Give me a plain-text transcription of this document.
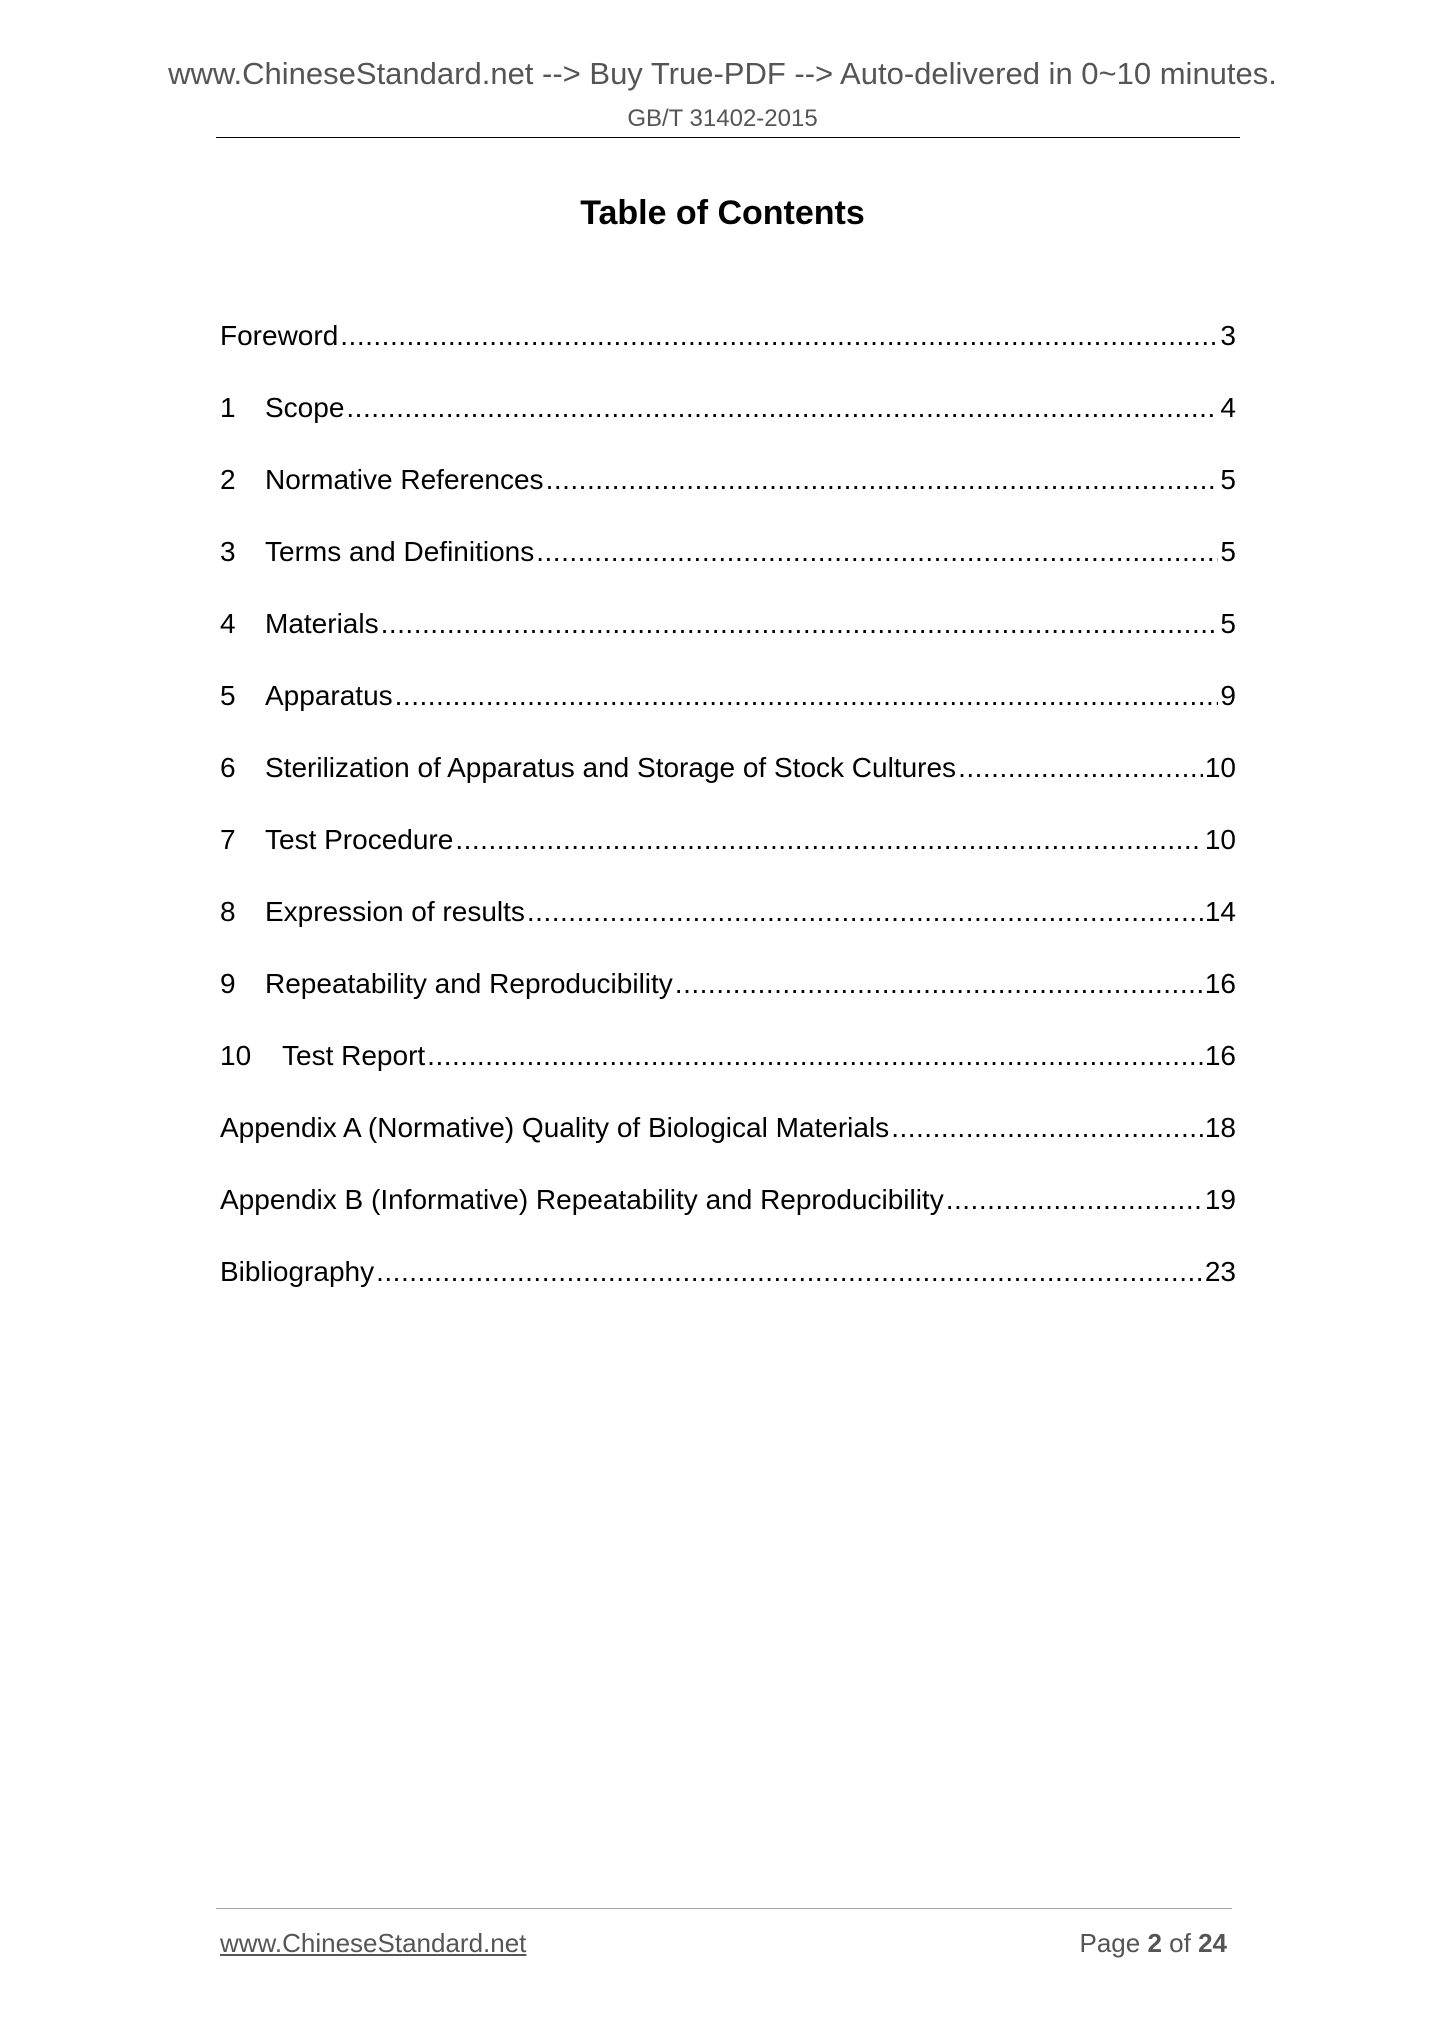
www.ChineseStandard.net --> Buy True-PDF --> Auto-delivered in 0~10 minutes.
GB/T 31402-2015
Table of Contents
Foreword .....	3
1	Scope .....	4
2	Normative References .....	5
3	Terms and Definitions .....	5
4	Materials .....	5
5	Apparatus .....	9
6	Sterilization of Apparatus and Storage of Stock Cultures .....	10
7	Test Procedure .....	10
8	Expression of results .....	14
9	Repeatability and Reproducibility .....	16
10	Test Report .....	16
Appendix A (Normative) Quality of Biological Materials .....	18
Appendix B (Informative) Repeatability and Reproducibility .....	19
Bibliography .....	23
www.ChineseStandard.net	Page 2 of 24
